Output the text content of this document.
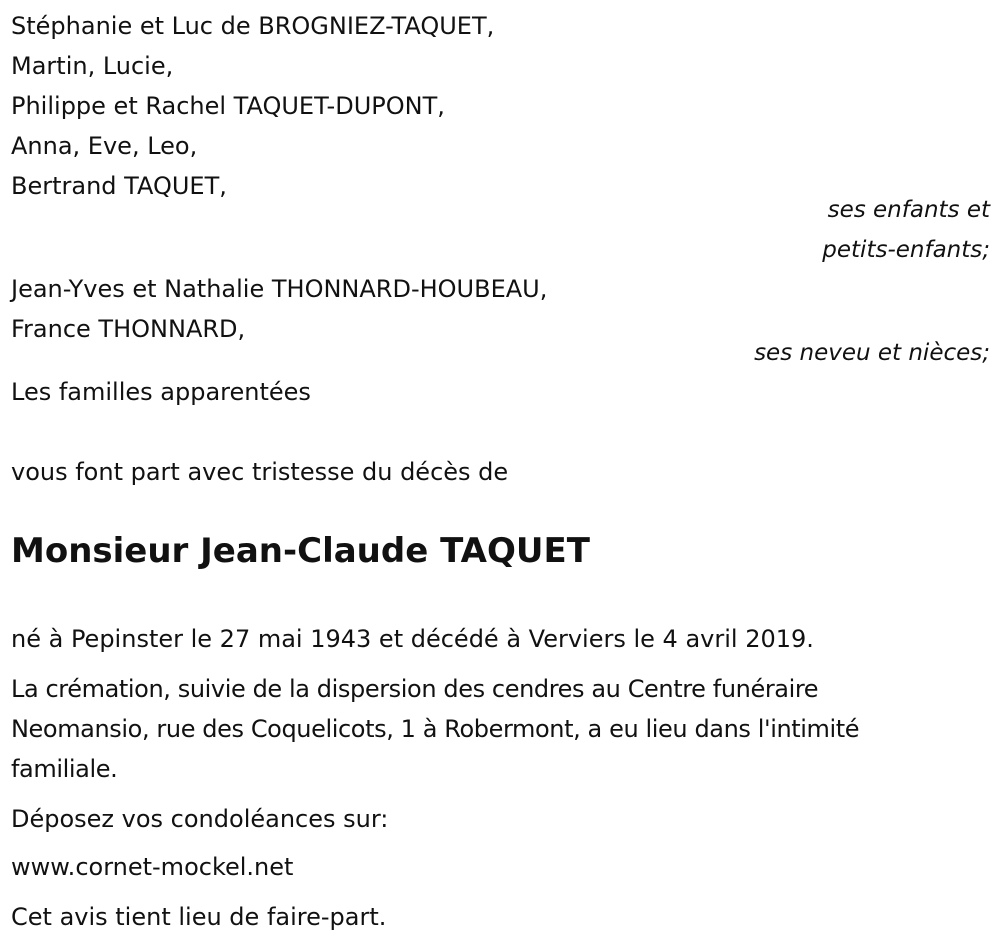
Stéphanie et Luc de BROGNIEZ-TAQUET,
Martin, Lucie,
Philippe et Rachel TAQUET-DUPONT,
Anna, Eve, Leo,
Bertrand TAQUET,
ses enfants et
petits-enfants;
Jean-Yves et Nathalie THONNARD-HOUBEAU,
France THONNARD,
ses neveu et nièces;
Les familles apparentées
vous font part avec tristesse du décès de
Monsieur Jean-Claude TAQUET
né à Pepinster le 27 mai 1943 et décédé à Verviers le 4 avril 2019.
La crémation, suivie de la dispersion des cendres au Centre funéraire
Neomansio, rue des Coquelicots, 1 à Robermont, a eu lieu dans l'intimité
familiale.
Déposez vos condoléances sur:
www.cornet-mockel.net
Cet avis tient lieu de faire-part.
